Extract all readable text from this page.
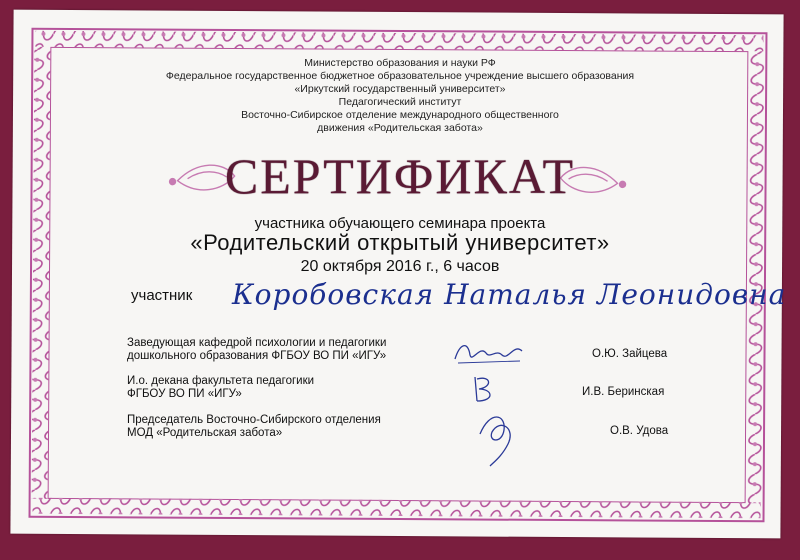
Министерство образования и науки РФ
Федеральное государственное бюджетное образовательное учреждение высшего образования
«Иркутский государственный университет»
Педагогический институт
Восточно-Сибирское отделение международного общественного
движения «Родительская забота»
СЕРТИФИКАТ
участника обучающего семинара проекта
«Родительский открытый университет»
20 октября 2016 г., 6 часов
участник Коробовская Наталья Леонидовна
Заведующая кафедрой психологии и педагогики
дошкольного образования ФГБОУ ВО ПИ «ИГУ»	О.Ю. Зайцева
И.о. декана факультета педагогики
ФГБОУ ВО ПИ «ИГУ»	И.В. Беринская
Председатель Восточно-Сибирского отделения
МОД «Родительская забота»	О.В. Удова
